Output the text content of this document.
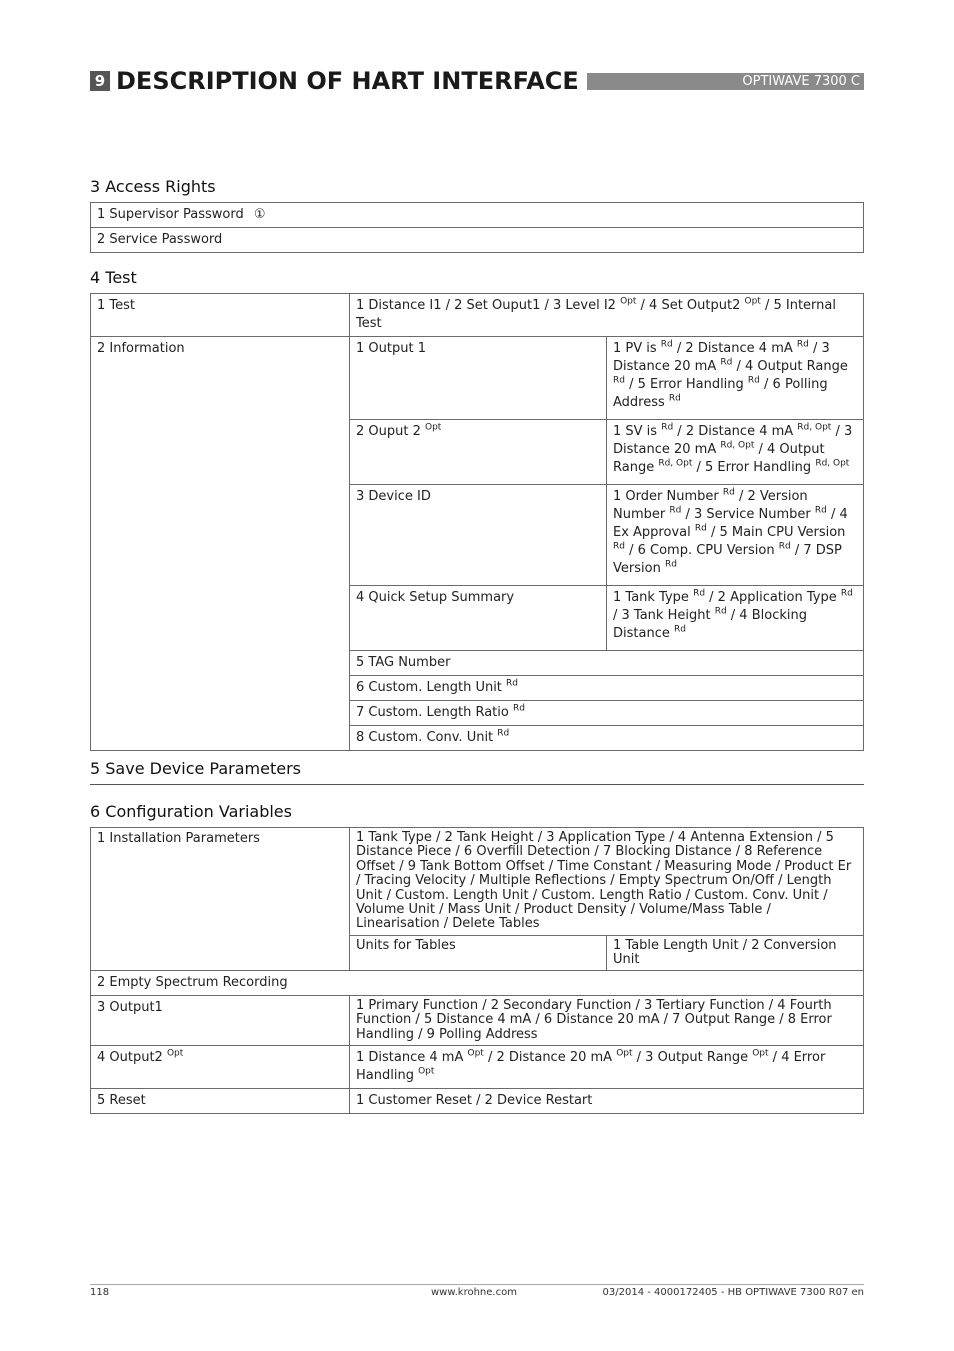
9 DESCRIPTION OF HART INTERFACE	OPTIWAVE 7300 C
3 Access Rights
1 Supervisor Password ①
2 Service Password
4 Test
1 Test	1 Distance I1 / 2 Set Ouput1 / 3 Level I2 $^{Opt}$ / 4 Set Output2 $^{Opt}$ / 5 Internal Test	
2 Information	1 Output 1	1 PV is $^{Rd}$ / 2 Distance 4 mA $^{Rd}$ / 3 Distance 20 mA $^{Rd}$ / 4 Output Range $^{Rd}$ / 5 Error Handling $^{Rd}$ / 6 Polling Address $^{Rd}$
	2 Ouput 2 $^{Opt}$	1 SV is $^{Rd}$ / 2 Distance 4 mA $^{Rd, Opt}$ / 3 Distance 20 mA $^{Rd, Opt}$ / 4 Output Range $^{Rd, Opt}$ / 5 Error Handling $^{Rd, Opt}$
	3 Device ID	1 Order Number $^{Rd}$ / 2 Version Number $^{Rd}$ / 3 Service Number $^{Rd}$ / 4 Ex Approval $^{Rd}$ / 5 Main CPU Version $^{Rd}$ / 6 Comp. CPU Version $^{Rd}$ / 7 DSP Version $^{Rd}$
	4 Quick Setup Summary	1 Tank Type $^{Rd}$ / 2 Application Type $^{Rd}$ / 3 Tank Height $^{Rd}$ / 4 Blocking Distance $^{Rd}$
	5 TAG Number	
	6 Custom. Length Unit $^{Rd}$
	7 Custom. Length Ratio $^{Rd}$
	8 Custom. Conv. Unit $^{Rd}$
5 Save Device Parameters
6 Configuration Variables
1 Installation Parameters	1 Tank Type / 2 Tank Height / 3 Application Type / 4 Antenna Extension / 5 Distance Piece / 6 Overfill Detection / 7 Blocking Distance / 8 Reference Offset / 9 Tank Bottom Offset / Time Constant / Measuring Mode / Product Er / Tracing Velocity / Multiple Reflections / Empty Spectrum On/Off / Length Unit / Custom. Length Unit / Custom. Length Ratio / Custom. Conv. Unit / Volume Unit / Mass Unit / Product Density / Volume/Mass Table / Linearisation / Delete Tables	
	Units for Tables	1 Table Length Unit / 2 Conversion Unit
2 Empty Spectrum Recording		
3 Output1	1 Primary Function / 2 Secondary Function / 3 Tertiary Function / 4 Fourth Function / 5 Distance 4 mA / 6 Distance 20 mA / 7 Output Range / 8 Error Handling / 9 Polling Address	
4 Output2 $^{Opt}$	1 Distance 4 mA $^{Opt}$ / 2 Distance 20 mA $^{Opt}$ / 3 Output Range $^{Opt}$ / 4 Error Handling $^{Opt}$
5 Reset	1 Customer Reset / 2 Device Restart	
118	www.krohne.com	03/2014 - 4000172405 - HB OPTIWAVE 7300 R07 en
